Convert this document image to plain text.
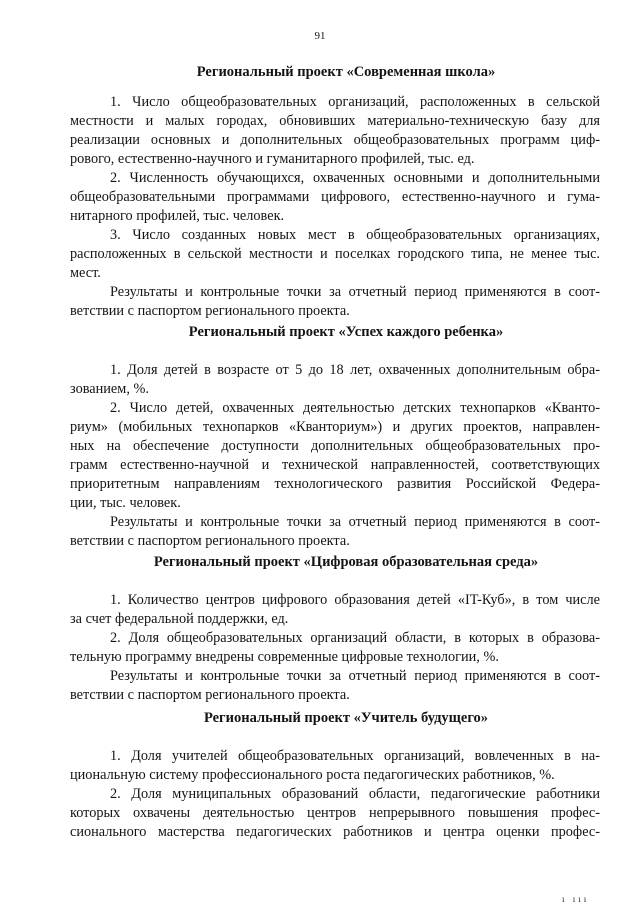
91
Региональный проект «Современная школа»
1. Число общеобразовательных организаций, расположенных в сельской
местности и малых городах, обновивших материально-техническую базу для
реализации основных и дополнительных общеобразовательных программ циф-
рового, естественно-научного и гуманитарного профилей, тыс. ед.
2. Численность обучающихся, охваченных основными и дополнительными
общеобразовательными программами цифрового, естественно-научного и гума-
нитарного профилей, тыс. человек.
3. Число созданных новых мест в общеобразовательных организациях,
расположенных в сельской местности и поселках городского типа, не менее тыс.
мест.
Результаты и контрольные точки за отчетный период применяются в соот-
ветствии с паспортом регионального проекта.
Региональный проект «Успех каждого ребенка»
1. Доля детей в возрасте от 5 до 18 лет, охваченных дополнительным обра-
зованием, %.
2. Число детей, охваченных деятельностью детских технопарков «Кванто-
риум» (мобильных технопарков «Кванториум») и других проектов, направлен-
ных на обеспечение доступности дополнительных общеобразовательных про-
грамм естественно-научной и технической направленностей, соответствующих
приоритетным направлениям технологического развития Российской Федера-
ции, тыс. человек.
Результаты и контрольные точки за отчетный период применяются в соот-
ветствии с паспортом регионального проекта.
Региональный проект «Цифровая образовательная среда»
1. Количество центров цифрового образования детей «IT-Куб», в том числе
за счет федеральной поддержки, ед.
2. Доля общеобразовательных организаций области, в которых в образова-
тельную программу внедрены современные цифровые технологии, %.
Результаты и контрольные точки за отчетный период применяются в соот-
ветствии с паспортом регионального проекта.
Региональный проект «Учитель будущего»
1. Доля учителей общеобразовательных организаций, вовлеченных в на-
циональную систему профессионального роста педагогических работников, %.
2. Доля муниципальных образований области, педагогические работники
которых охвачены деятельностью центров непрерывного повышения профес-
сионального мастерства педагогических работников и центра оценки профес-
ı ııı
